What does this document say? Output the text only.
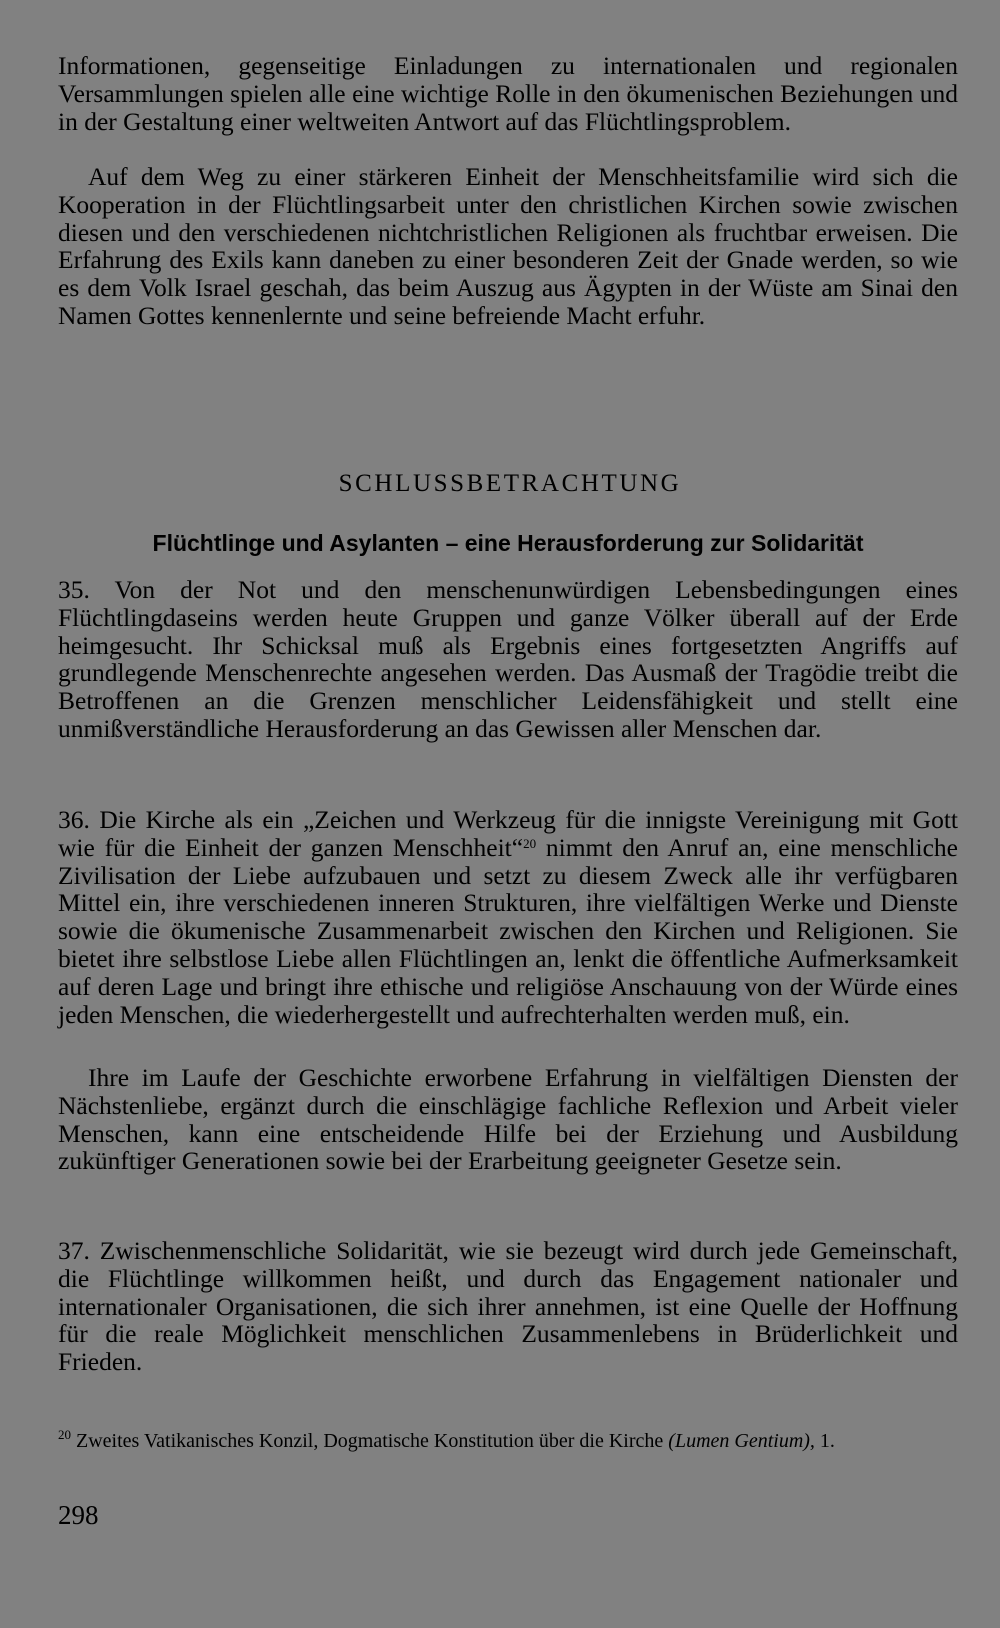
Informationen, gegenseitige Einladungen zu internationalen und regionalen Versammlungen spielen alle eine wichtige Rolle in den ökumenischen Beziehungen und in der Gestaltung einer weltweiten Antwort auf das Flüchtlingsproblem.

Auf dem Weg zu einer stärkeren Einheit der Menschheitsfamilie wird sich die Kooperation in der Flüchtlingsarbeit unter den christlichen Kirchen sowie zwischen diesen und den verschiedenen nichtchristlichen Religionen als fruchtbar erweisen. Die Erfahrung des Exils kann daneben zu einer besonderen Zeit der Gnade werden, so wie es dem Volk Israel geschah, das beim Auszug aus Ägypten in der Wüste am Sinai den Namen Gottes kennenlernte und seine befreiende Macht erfuhr.

SCHLUSSBETRACHTUNG
Flüchtlinge und Asylanten – eine Herausforderung zur Solidarität

35. Von der Not und den menschenunwürdigen Lebensbedingungen eines Flüchtlingdaseins werden heute Gruppen und ganze Völker überall auf der Erde heimgesucht. Ihr Schicksal muß als Ergebnis eines fortgesetzten Angriffs auf grundlegende Menschenrechte angesehen werden. Das Ausmaß der Tragödie treibt die Betroffenen an die Grenzen menschlicher Leidensfähigkeit und stellt eine unmißverständliche Herausforderung an das Gewissen aller Menschen dar.

36. Die Kirche als ein „Zeichen und Werkzeug für die innigste Vereinigung mit Gott wie für die Einheit der ganzen Menschheit“$^{20}$ nimmt den Anruf an, eine menschliche Zivilisation der Liebe aufzubauen und setzt zu diesem Zweck alle ihr verfügbaren Mittel ein, ihre verschiedenen inneren Strukturen, ihre vielfältigen Werke und Dienste sowie die ökumenische Zusammenarbeit zwischen den Kirchen und Religionen. Sie bietet ihre selbstlose Liebe allen Flüchtlingen an, lenkt die öffentliche Aufmerksamkeit auf deren Lage und bringt ihre ethische und religiöse Anschauung von der Würde eines jeden Menschen, die wiederhergestellt und aufrechterhalten werden muß, ein.

Ihre im Laufe der Geschichte erworbene Erfahrung in vielfältigen Diensten der Nächstenliebe, ergänzt durch die einschlägige fachliche Reflexion und Arbeit vieler Menschen, kann eine entscheidende Hilfe bei der Erziehung und Ausbildung zukünftiger Generationen sowie bei der Erarbeitung geeigneter Gesetze sein.

37. Zwischenmenschliche Solidarität, wie sie bezeugt wird durch jede Gemeinschaft, die Flüchtlinge willkommen heißt, und durch das Engagement nationaler und internationaler Organisationen, die sich ihrer annehmen, ist eine Quelle der Hoffnung für die reale Möglichkeit menschlichen Zusammenlebens in Brüderlichkeit und Frieden.

$^{20}$ Zweites Vatikanisches Konzil, Dogmatische Konstitution über die Kirche (Lumen Gentium), 1.

298
